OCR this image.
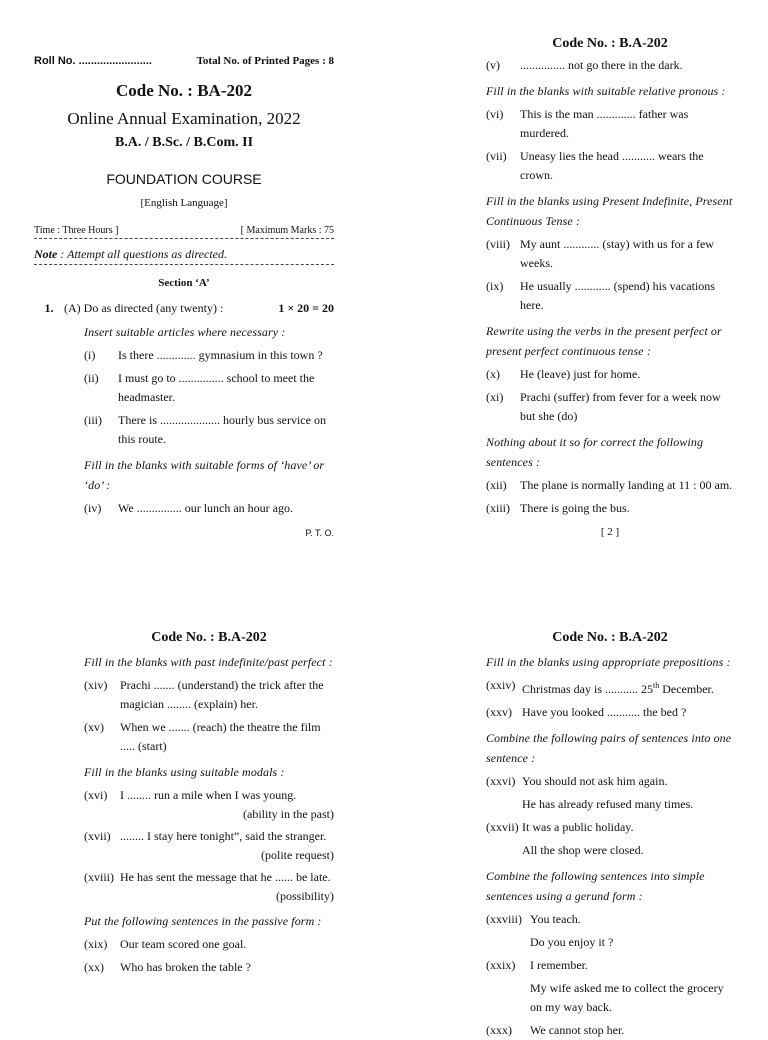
Roll No. ........................	Total No. of Printed Pages : 8
Code No. : BA-202
Online Annual Examination, 2022
B.A. / B.Sc. / B.Com. II
FOUNDATION COURSE
[English Language]
Time : Three Hours ]	[ Maximum Marks : 75
Note : Attempt all questions as directed.
Section ‘A’
1. (A) Do as directed (any twenty) :	1 × 20 = 20
Insert suitable articles where necessary :
(i)	Is there ............. gymnasium in this town ?
(ii)	I must go to ............... school to meet the headmaster.
(iii)	There is .................... hourly bus service on this route.
Fill in the blanks with suitable forms of ‘have’ or ‘do’ :
(iv)	We ............... our lunch an hour ago.
P. T. O.
Code No. : B.A-202
(v)	............... not go there in the dark.
Fill in the blanks with suitable relative pronous :
(vi)	This is the man ............. father was murdered.
(vii)	Uneasy lies the head ........... wears the crown.
Fill in the blanks using Present Indefinite, Present Continuous Tense :
(viii) My aunt ............ (stay) with us for a few weeks.
(ix)	He usually ............ (spend) his vacations here.
Rewrite using the verbs in the present perfect or present perfect continuous tense :
(x)	He (leave) just for home.
(xi)	Prachi (suffer) from fever for a week now but she (do)
Nothing about it so for correct the following sentences :
(xii)	The plane is normally landing at 11 : 00 am.
(xiii) There is going the bus.
[ 2 ]
Code No. : B.A-202
Fill in the blanks with past indefinite/past perfect :
(xiv)	Prachi ....... (understand) the trick after the magician ........ (explain) her.
(xv)	When we ....... (reach) the theatre the film ..... (start)
Fill in the blanks using suitable modals :
(xvi)	I ........ run a mile when I was young.
(ability in the past)
(xvii) ........ I stay here tonight”, said the stranger.
(polite request)
(xviii) He has sent the message that he ...... be late.
(possibility)
Put the following sentences in the passive form :
(xix)	Our team scored one goal.
(xx)	Who has broken the table ?
Code No. : B.A-202
Fill in the blanks using appropriate prepositions :
(xxiv) Christmas day is ........... 25th December.
(xxv) Have you looked ........... the bed ?
Combine the following pairs of sentences into one sentence :
(xxvi) You should not ask him again.
He has already refused many times.
(xxvii) It was a public holiday.
All the shop were closed.
Combine the following sentences into simple sentences using a gerund form :
(xxviii) You teach.
Do you enjoy it ?
(xxix)	I remember.
My wife asked me to collect the grocery on my way back.
(xxx)	We cannot stop her.
